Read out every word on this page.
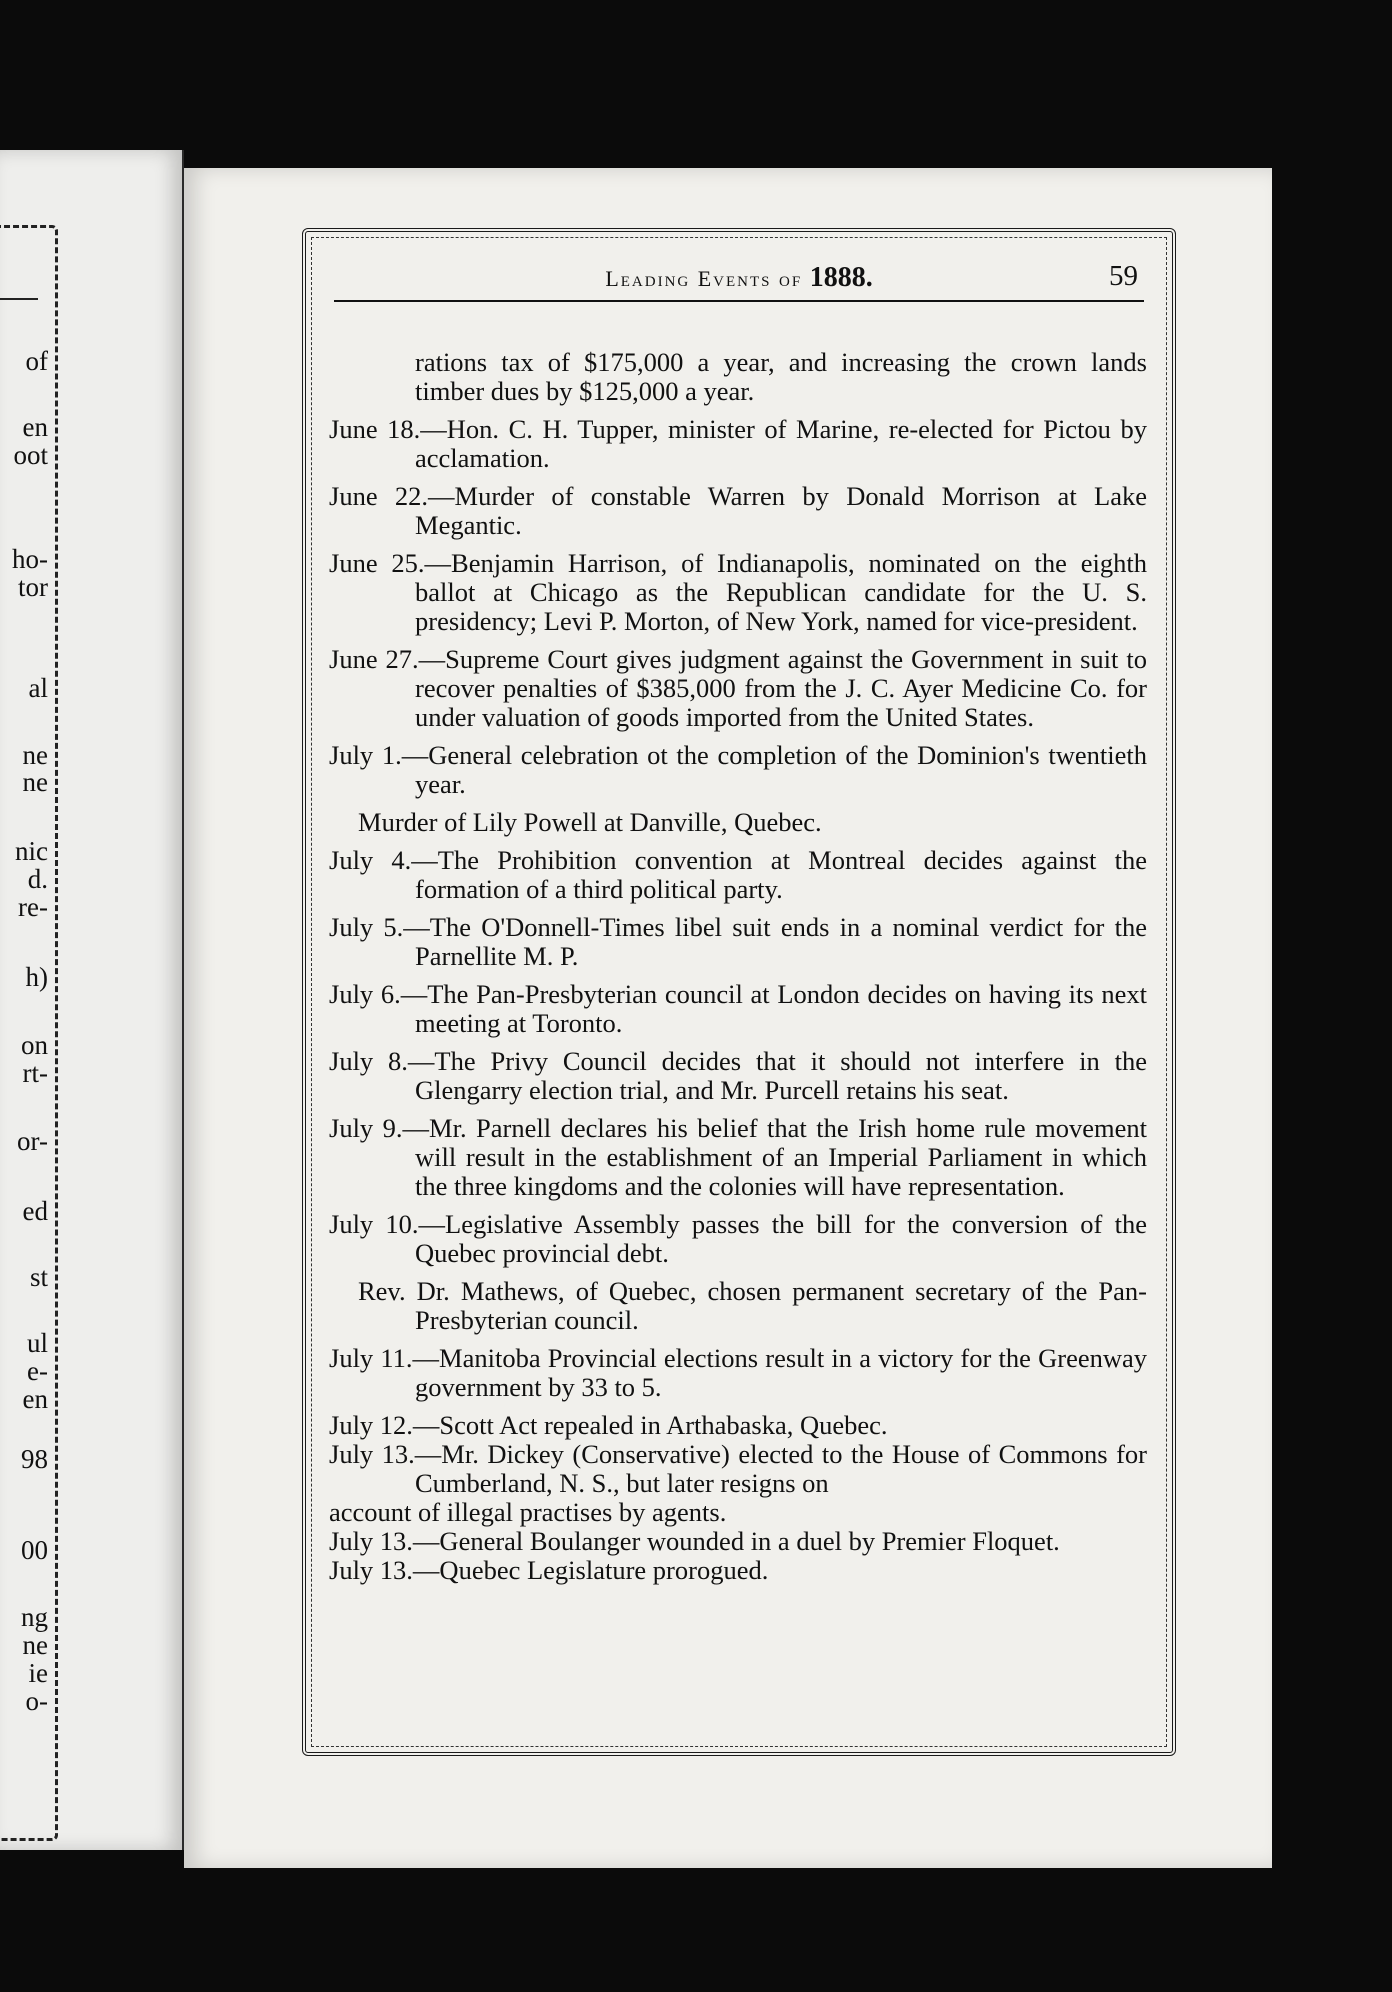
of
en
oot
ho-
tor
al
ne
ne
nic
d.
re-
h)
on
rt-
or-
ed
st
ul
e-
en
98
00
ng
ne
ie
o-
Leading Events of 1888.	59

rations tax of $175,000 a year, and increasing the crown lands timber dues by $125,000 a year.

June 18.—Hon. C. H. Tupper, minister of Marine, re-elected for Pictou by acclamation.

June 22.—Murder of constable Warren by Donald Morrison at Lake Megantic.

June 25.—Benjamin Harrison, of Indianapolis, nominated on the eighth ballot at Chicago as the Republican candidate for the U. S. presidency; Levi P. Morton, of New York, named for vice-president.

June 27.—Supreme Court gives judgment against the Government in suit to recover penalties of $385,000 from the J. C. Ayer Medicine Co. for under valuation of goods imported from the United States.

July 1.—General celebration ot the completion of the Dominion's twentieth year.

Murder of Lily Powell at Danville, Quebec.

July 4.—The Prohibition convention at Montreal decides against the formation of a third political party.

July 5.—The O'Donnell-Times libel suit ends in a nominal verdict for the Parnellite M. P.

July 6.—The Pan-Presbyterian council at London decides on having its next meeting at Toronto.

July 8.—The Privy Council decides that it should not interfere in the Glengarry election trial, and Mr. Purcell retains his seat.

July 9.—Mr. Parnell declares his belief that the Irish home rule movement will result in the establishment of an Imperial Parliament in which the three kingdoms and the colonies will have representation.

July 10.—Legislative Assembly passes the bill for the conversion of the Quebec provincial debt.

Rev. Dr. Mathews, of Quebec, chosen permanent secretary of the Pan-Presbyterian council.

July 11.—Manitoba Provincial elections result in a victory for the Greenway government by 33 to 5.

July 12.—Scott Act repealed in Arthabaska, Quebec.

July 13.—Mr. Dickey (Conservative) elected to the House of Commons for Cumberland, N. S., but later resigns on

account of illegal practises by agents.

July 13.—General Boulanger wounded in a duel by Premier Floquet.

July 13.—Quebec Legislature prorogued.
